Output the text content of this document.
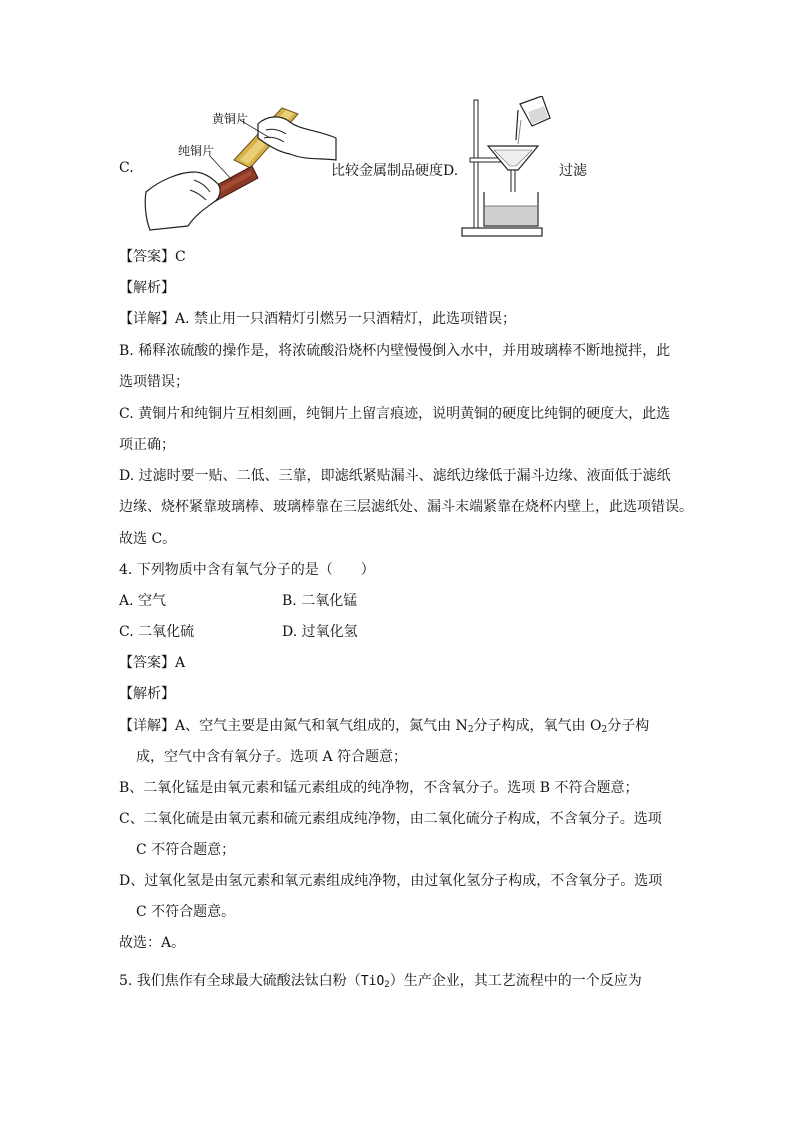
C.
黄铜片
纯铜片
比较金属制品硬度D.	过滤
【答案】C
【解析】
【详解】A. 禁止用一只酒精灯引燃另一只酒精灯，此选项错误；
B. 稀释浓硫酸的操作是，将浓硫酸沿烧杯内壁慢慢倒入水中，并用玻璃棒不断地搅拌，此
选项错误；
C. 黄铜片和纯铜片互相刻画，纯铜片上留言痕迹，说明黄铜的硬度比纯铜的硬度大，此选
项正确；
D. 过滤时要一贴、二低、三靠，即滤纸紧贴漏斗、滤纸边缘低于漏斗边缘、液面低于滤纸
边缘、烧杯紧靠玻璃棒、玻璃棒靠在三层滤纸处、漏斗末端紧靠在烧杯内壁上，此选项错误。
故选 C。
4. 下列物质中含有氧气分子的是（　　）
A. 空气	B. 二氧化锰
C. 二氧化硫	D. 过氧化氢
【答案】A
【解析】
【详解】A、空气主要是由氮气和氧气组成的，氮气由 $N_2$分子构成，氧气由 $O_2$分子构
成，空气中含有氧分子。选项 A 符合题意；
B、二氧化锰是由氧元素和锰元素组成的纯净物，不含氧分子。选项 B 不符合题意；
C、二氧化硫是由氧元素和硫元素组成纯净物，由二氧化硫分子构成，不含氧分子。选项
C 不符合题意；
D、过氧化氢是由氢元素和氧元素组成纯净物，由过氧化氢分子构成，不含氧分子。选项
C 不符合题意。
故选：A。
5. 我们焦作有全球最大硫酸法钛白粉（TiO$_2$）生产企业，其工艺流程中的一个反应为
